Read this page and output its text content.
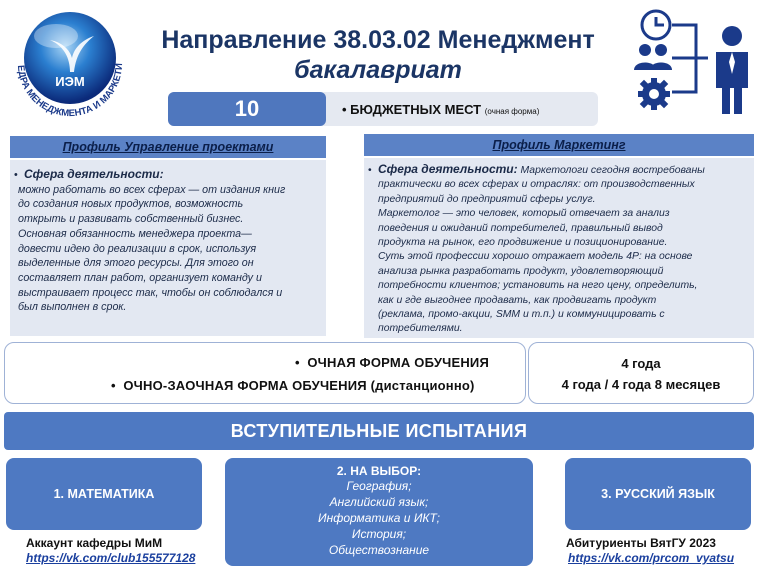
ИЭМ
ЕДРА МЕНЕДЖМЕНТА И МАРКЕТИ
Направление 38.03.02 Менеджмент
бакалавриат
10	• БЮДЖЕТНЫХ МЕСТ (очная форма)
Профиль Управление проектами
• Сфера деятельности:
можно работать во всех сферах — от издания книг
до создания новых продуктов, возможность
открыть и развивать собственный бизнес.
Основная обязанность менеджера проекта—
довести идею до реализации в срок, используя
выделенные для этого ресурсы. Для этого он
составляет план работ, организует команду и
выстраивает процесс так, чтобы он соблюдался и
был выполнен в срок.
Профиль Маркетинг
• Сфера деятельности: Маркетологи сегодня востребованы
практически во всех сферах и отраслях: от производственных
предприятий до предприятий сферы услуг.
Маркетолог — это человек, который отвечает за анализ
поведения и ожиданий потребителей, правильный вывод
продукта на рынок, его продвижение и позиционирование.
Суть этой профессии хорошо отражает модель 4Р: на основе
анализа рынка разработать продукт, удовлетворяющий
потребности клиентов; установить на него цену, определить,
как и где выгоднее продавать, как продвигать продукт
(реклама, промо-акции, SMM и т.п.) и коммуницировать с
потребителями.
•  ОЧНАЯ ФОРМА ОБУЧЕНИЯ
•  ОЧНО-ЗАОЧНАЯ ФОРМА ОБУЧЕНИЯ (дистанционно)
4 года
4 года / 4 года 8 месяцев
ВСТУПИТЕЛЬНЫЕ ИСПЫТАНИЯ
1. МАТЕМАТИКА
2. НА ВЫБОР:
География;
Английский язык;
Информатика и ИКТ;
История;
Обществознание
3. РУССКИЙ ЯЗЫК
Аккаунт кафедры МиМ
https://vk.com/club155577128
Абитуриенты ВятГУ 2023
https://vk.com/prcom_vyatsu
